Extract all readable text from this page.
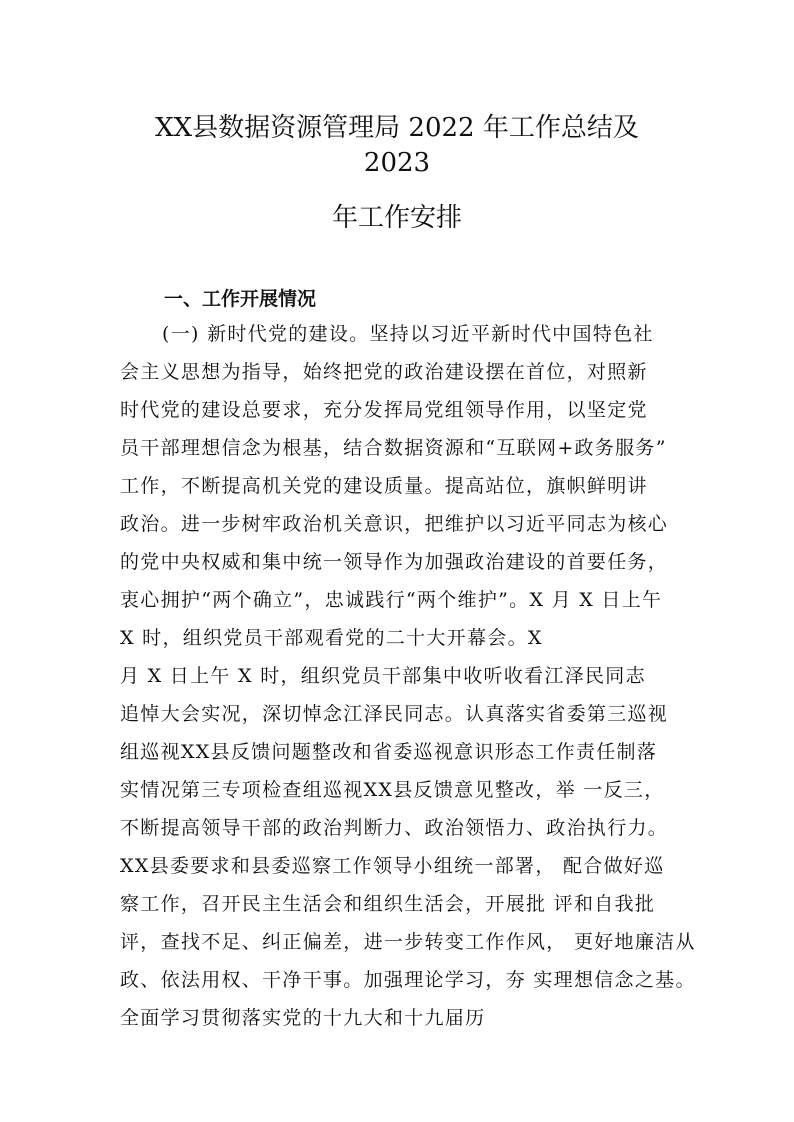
XX县数据资源管理局 2022 年工作总结及
2023
年工作安排
一、工作开展情况
(一) 新时代党的建设。坚持以习近平新时代中国特色社
会主义思想为指导，始终把党的政治建设摆在首位，对照新
时代党的建设总要求，充分发挥局党组领导作用，以坚定党
员干部理想信念为根基，结合数据资源和“互联网+政务服务”
工作，不断提高机关党的建设质量。提高站位，旗帜鲜明讲
政治。进一步树牢政治机关意识，把维护以习近平同志为核心
的党中央权威和集中统一领导作为加强政治建设的首要任务，
衷心拥护“两个确立”，忠诚践行“两个维护”。X 月 X 日上午
X 时，组织党员干部观看党的二十大开幕会。X
月 X 日上午 X 时，组织党员干部集中收听收看江泽民同志
追悼大会实况，深切悼念江泽民同志。认真落实省委第三巡视
组巡视XX县反馈问题整改和省委巡视意识形态工作责任制落
实情况第三专项检查组巡视XX县反馈意见整改，举 一反三，
不断提高领导干部的政治判断力、政治领悟力、政治执行力。
XX县委要求和县委巡察工作领导小组统一部署， 配合做好巡
察工作，召开民主生活会和组织生活会，开展批 评和自我批
评，查找不足、纠正偏差，进一步转变工作作风， 更好地廉洁从
政、依法用权、干净干事。加强理论学习，夯 实理想信念之基。
全面学习贯彻落实党的十九大和十九届历
